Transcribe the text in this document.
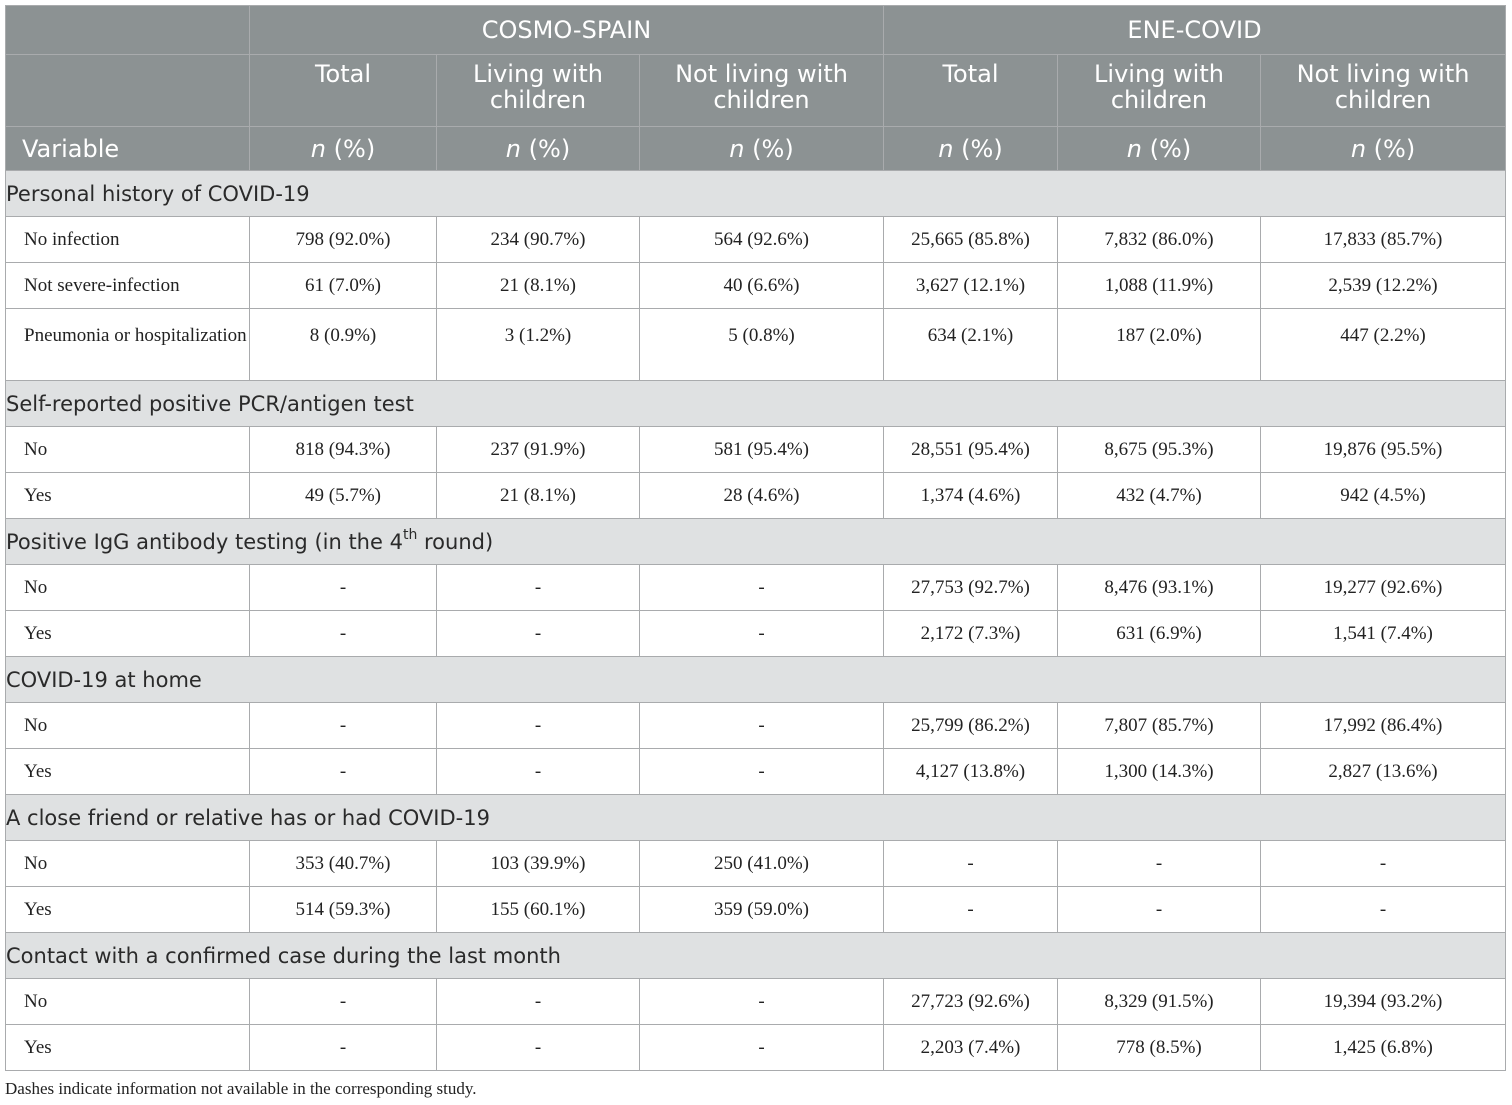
	COSMO-SPAIN			ENE-COVID		
	Total	Living with children	Not living with children	Total	Living with children	Not living with children
Variable	n (%)	n (%)	n (%)	n (%)	n (%)	n (%)
Personal history of COVID-19						
No infection	798 (92.0%)	234 (90.7%)	564 (92.6%)	25,665 (85.8%)	7,832 (86.0%)	17,833 (85.7%)
Not severe-infection	61 (7.0%)	21 (8.1%)	40 (6.6%)	3,627 (12.1%)	1,088 (11.9%)	2,539 (12.2%)
Pneumonia or hospitalization	8 (0.9%)	3 (1.2%)	5 (0.8%)	634 (2.1%)	187 (2.0%)	447 (2.2%)
Self-reported positive PCR/antigen test						
No	818 (94.3%)	237 (91.9%)	581 (95.4%)	28,551 (95.4%)	8,675 (95.3%)	19,876 (95.5%)
Yes	49 (5.7%)	21 (8.1%)	28 (4.6%)	1,374 (4.6%)	432 (4.7%)	942 (4.5%)
Positive IgG antibody testing (in the 4th round)						
No	-	-	-	27,753 (92.7%)	8,476 (93.1%)	19,277 (92.6%)
Yes	-	-	-	2,172 (7.3%)	631 (6.9%)	1,541 (7.4%)
COVID-19 at home						
No	-	-	-	25,799 (86.2%)	7,807 (85.7%)	17,992 (86.4%)
Yes	-	-	-	4,127 (13.8%)	1,300 (14.3%)	2,827 (13.6%)
A close friend or relative has or had COVID-19						
No	353 (40.7%)	103 (39.9%)	250 (41.0%)	-	-	-
Yes	514 (59.3%)	155 (60.1%)	359 (59.0%)	-	-	-
Contact with a confirmed case during the last month						
No	-	-	-	27,723 (92.6%)	8,329 (91.5%)	19,394 (93.2%)
Yes	-	-	-	2,203 (7.4%)	778 (8.5%)	1,425 (6.8%)
Dashes indicate information not available in the corresponding study.
